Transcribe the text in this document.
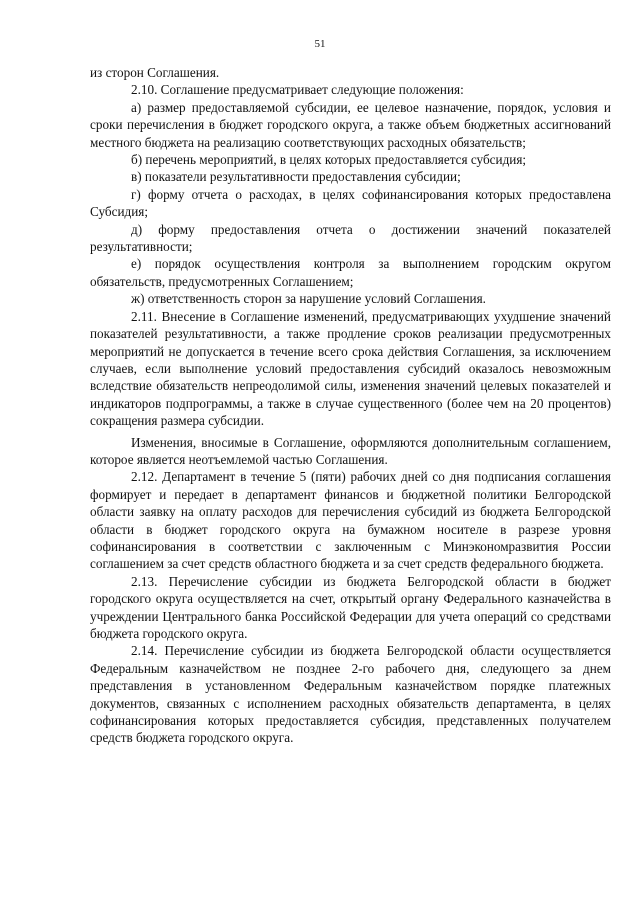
51

из сторон Соглашения.

2.10. Соглашение предусматривает следующие положения:

а) размер предоставляемой субсидии, ее целевое назначение, порядок, условия и сроки перечисления в бюджет городского округа, а также объем бюджетных ассигнований местного бюджета на реализацию соответствующих расходных обязательств;

б) перечень мероприятий, в целях которых предоставляется субсидия;

в) показатели результативности предоставления субсидии;

г) форму отчета о расходах, в целях софинансирования которых предоставлена Субсидия;

д) форму предоставления отчета о достижении значений показателей результативности;

е) порядок осуществления контроля за выполнением городским округом обязательств, предусмотренных Соглашением;

ж) ответственность сторон за нарушение условий Соглашения.

2.11. Внесение в Соглашение изменений, предусматривающих ухудшение значений показателей результативности, а также продление сроков реализации предусмотренных мероприятий не допускается в течение всего срока действия Соглашения, за исключением случаев, если выполнение условий предоставления субсидий оказалось невозможным вследствие обязательств непреодолимой силы, изменения значений целевых показателей и индикаторов подпрограммы, а также в случае существенного (более чем на 20 процентов) сокращения размера субсидии.

Изменения, вносимые в Соглашение, оформляются дополнительным соглашением, которое является неотъемлемой частью Соглашения.

2.12. Департамент в течение 5 (пяти) рабочих дней со дня подписания соглашения формирует и передает в департамент финансов и бюджетной политики Белгородской области заявку на оплату расходов для перечисления субсидий из бюджета Белгородской области в бюджет городского округа на бумажном носителе в разрезе уровня софинансирования в соответствии с заключенным с Минэкономразвития России соглашением за счет средств областного бюджета и за счет средств федерального бюджета.

2.13. Перечисление субсидии из бюджета Белгородской области в бюджет городского округа осуществляется на счет, открытый органу Федерального казначейства в учреждении Центрального банка Российской Федерации для учета операций со средствами бюджета городского округа.

2.14. Перечисление субсидии из бюджета Белгородской области осуществляется Федеральным казначейством не позднее 2-го рабочего дня, следующего за днем представления в установленном Федеральным казначейством порядке платежных документов, связанных с исполнением расходных обязательств департамента, в целях софинансирования которых предоставляется субсидия, представленных получателем средств бюджета городского округа.
